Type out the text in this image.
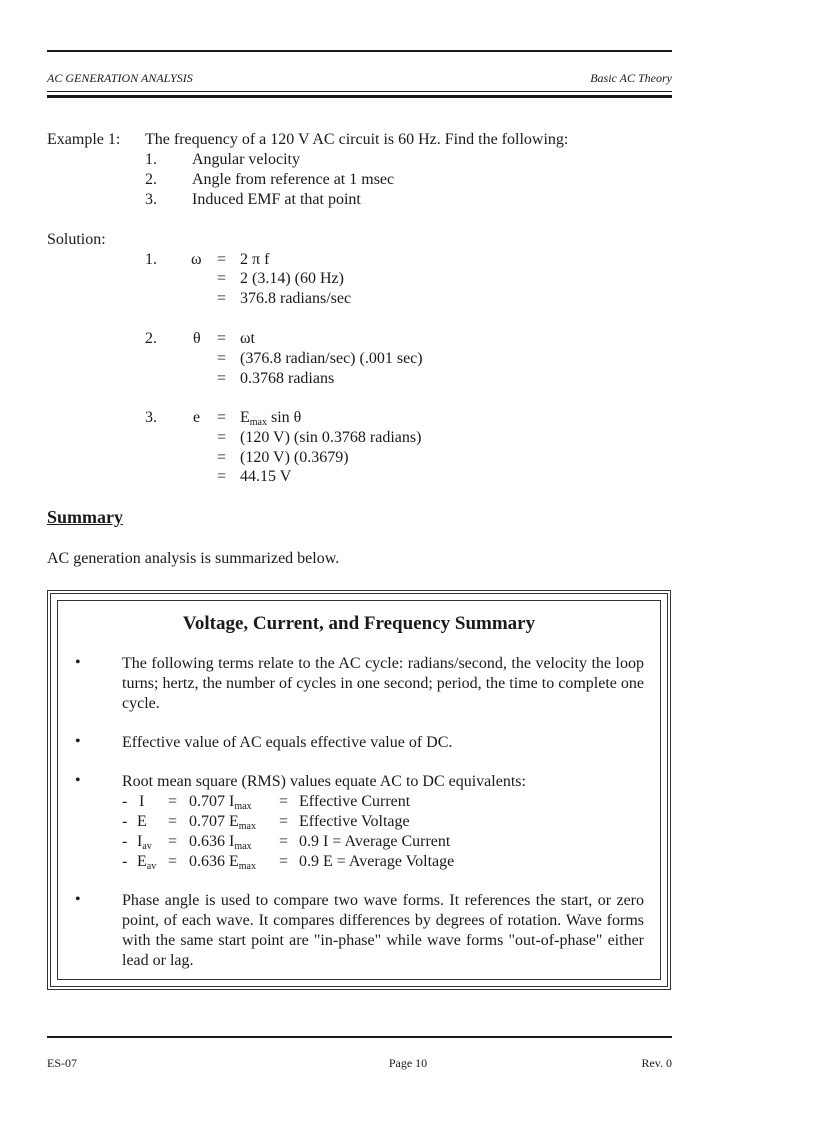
AC GENERATION ANALYSIS	Basic AC Theory
Example 1: The frequency of a 120 V AC circuit is 60 Hz. Find the following:
1. Angular velocity
2. Angle from reference at 1 msec
3. Induced EMF at that point
Solution:
1. ω = 2 π f
= 2 (3.14) (60 Hz)
= 376.8 radians/sec
2. θ = ωt
= (376.8 radian/sec) (.001 sec)
= 0.3768 radians
3. $e = E_{max}$ sin θ
= (120 V) (sin 0.3768 radians)
= (120 V) (0.3679)
= 44.15 V
Summary
AC generation analysis is summarized below.
Voltage, Current, and Frequency Summary
•	The following terms relate to the AC cycle: radians/second, the velocity the loop turns; hertz, the number of cycles in one second; period, the time to complete one cycle.
•	Effective value of AC equals effective value of DC.
•	Root mean square (RMS) values equate AC to DC equivalents:
- I = 0.707 $I_{max}$ = Effective Current
- E = 0.707 $E_{max}$ = Effective Voltage
- $I_{av} = 0.636$ $I_{max} = 0.9$ I = Average Current
- $E_{av} = 0.636$ $E_{max} = 0.9$ E = Average Voltage
•	Phase angle is used to compare two wave forms. It references the start, or zero point, of each wave. It compares differences by degrees of rotation. Wave forms with the same start point are "in-phase" while wave forms "out-of-phase" either lead or lag.
ES-07	Page 10	Rev. 0
